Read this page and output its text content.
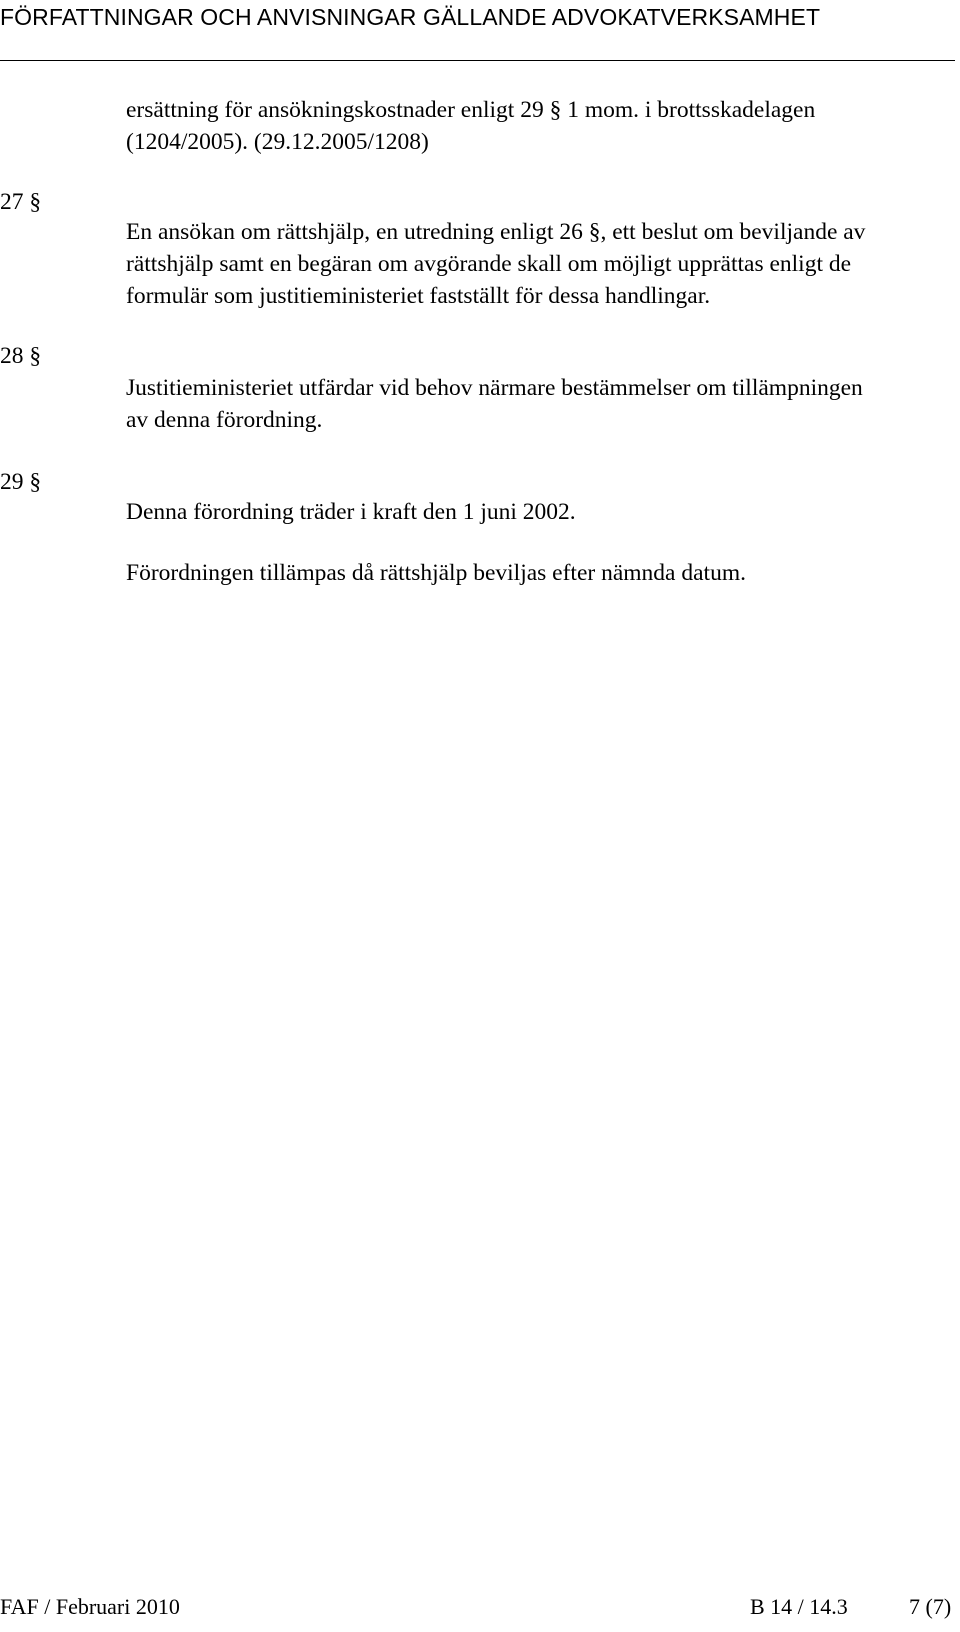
FÖRFATTNINGAR OCH ANVISNINGAR GÄLLANDE ADVOKATVERKSAMHET
ersättning för ansökningskostnader enligt 29 § 1 mom. i brottsskadelagen
(1204/2005). (29.12.2005/1208)
27 §
En ansökan om rättshjälp, en utredning enligt 26 §, ett beslut om beviljande av
rättshjälp samt en begäran om avgörande skall om möjligt upprättas enligt de
formulär som justitieministeriet fastställt för dessa handlingar.
28 §
Justitieministeriet utfärdar vid behov närmare bestämmelser om tillämpningen
av denna förordning.
29 §
Denna förordning träder i kraft den 1 juni 2002.
Förordningen tillämpas då rättshjälp beviljas efter nämnda datum.
FAF / Februari 2010	B 14 / 14.3	7 (7)
